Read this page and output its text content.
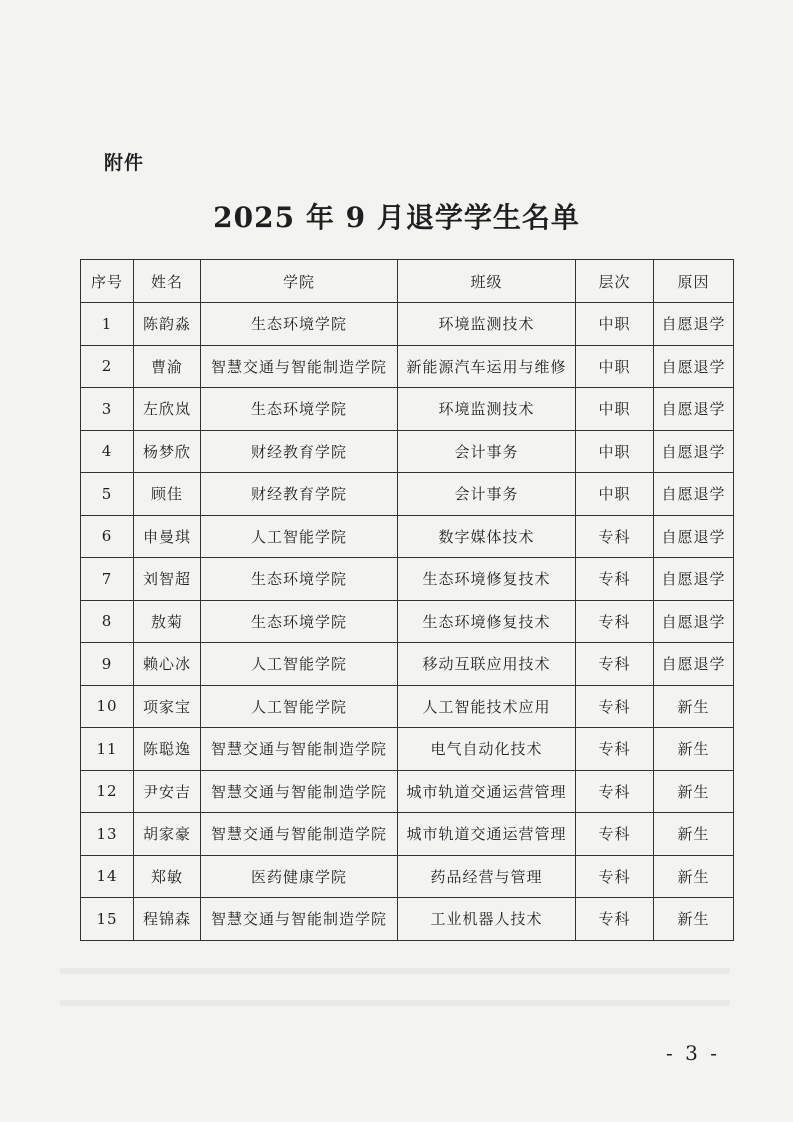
附件
2025 年 9 月退学学生名单
序号	姓名	学院	班级	层次	原因
1	陈韵淼	生态环境学院	环境监测技术	中职	自愿退学
2	曹渝	智慧交通与智能制造学院	新能源汽车运用与维修	中职	自愿退学
3	左欣岚	生态环境学院	环境监测技术	中职	自愿退学
4	杨梦欣	财经教育学院	会计事务	中职	自愿退学
5	顾佳	财经教育学院	会计事务	中职	自愿退学
6	申曼琪	人工智能学院	数字媒体技术	专科	自愿退学
7	刘智超	生态环境学院	生态环境修复技术	专科	自愿退学
8	敖菊	生态环境学院	生态环境修复技术	专科	自愿退学
9	赖心冰	人工智能学院	移动互联应用技术	专科	自愿退学
10	项家宝	人工智能学院	人工智能技术应用	专科	新生
11	陈聪逸	智慧交通与智能制造学院	电气自动化技术	专科	新生
12	尹安吉	智慧交通与智能制造学院	城市轨道交通运营管理	专科	新生
13	胡家豪	智慧交通与智能制造学院	城市轨道交通运营管理	专科	新生
14	郑敏	医药健康学院	药品经营与管理	专科	新生
15	程锦森	智慧交通与智能制造学院	工业机器人技术	专科	新生
- 3 -
